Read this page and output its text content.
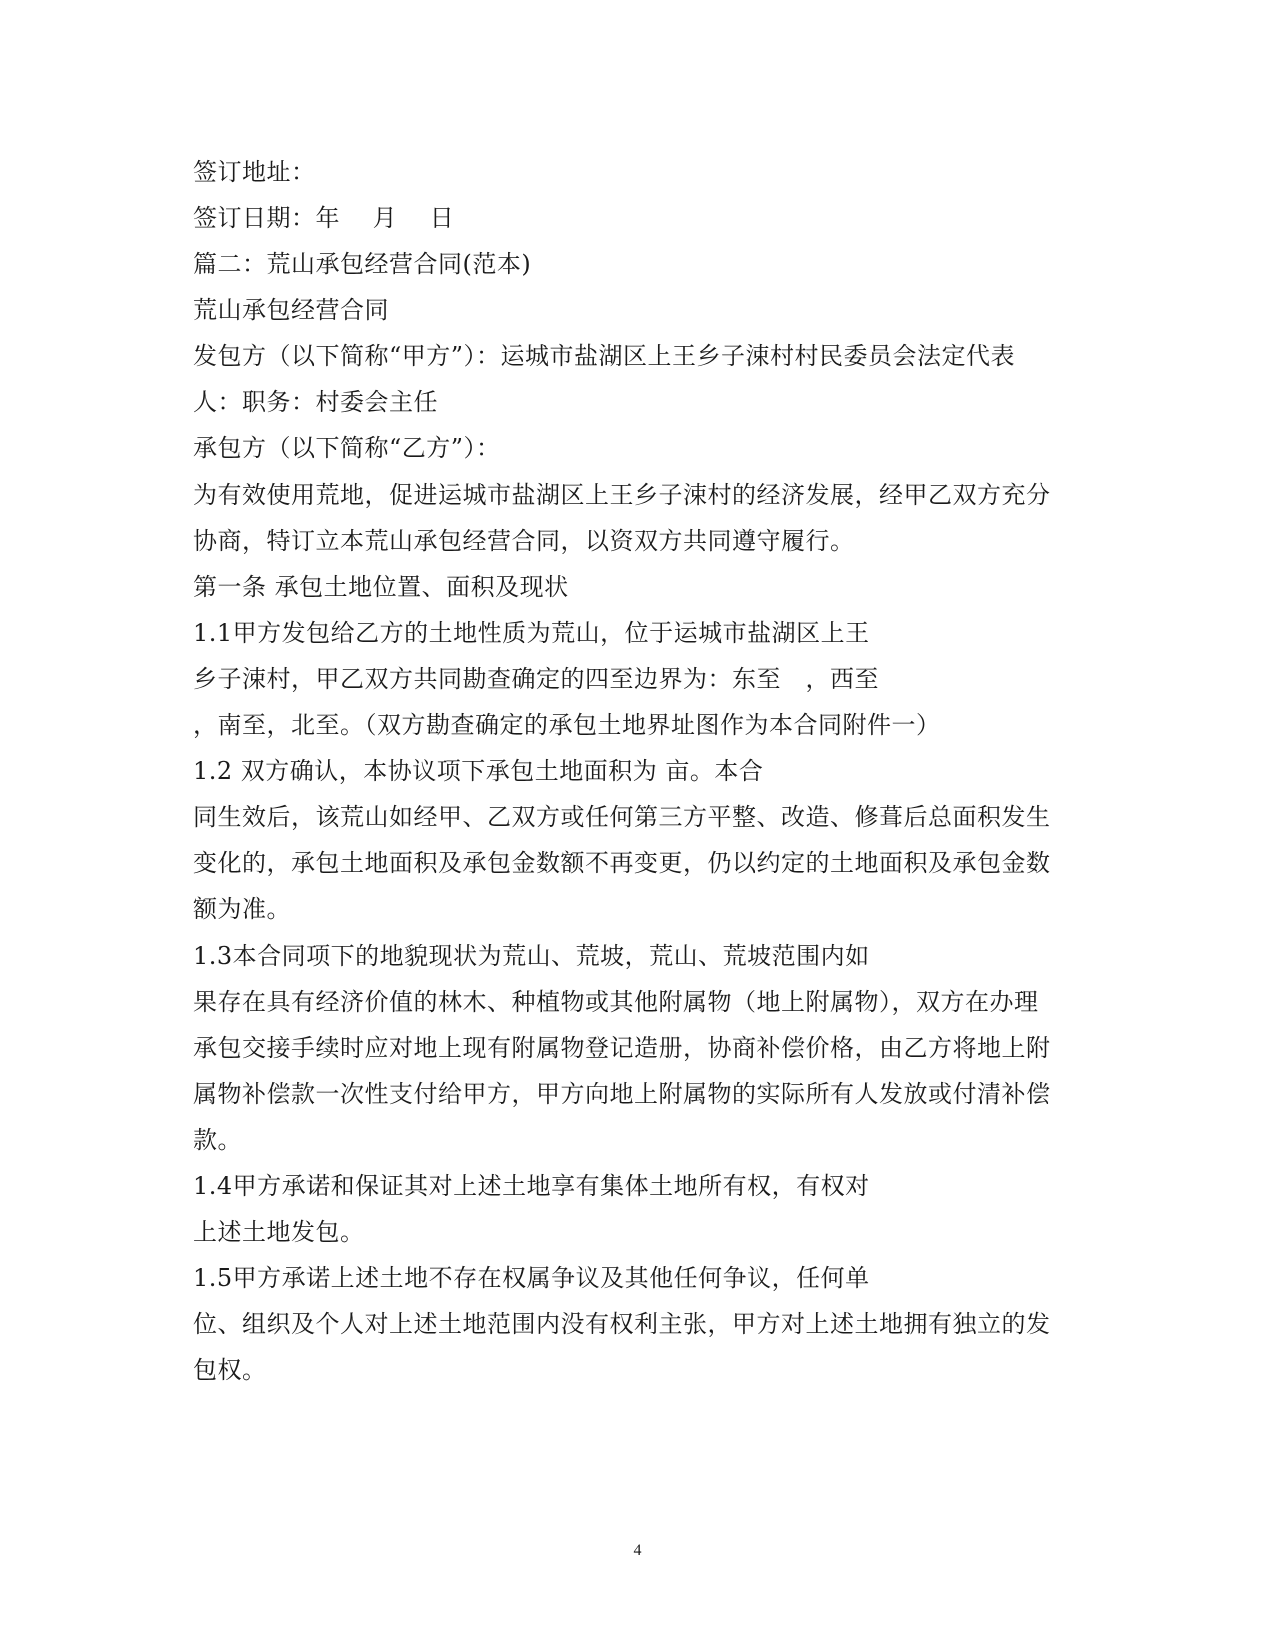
签订地址：
签订日期：年　 月　 日
篇二：荒山承包经营合同(范本)
荒山承包经营合同
发包方（以下简称“甲方”）：运城市盐湖区上王乡子涑村村民委员会法定代表
人：职务：村委会主任
承包方（以下简称“乙方”）：
为有效使用荒地，促进运城市盐湖区上王乡子涑村的经济发展，经甲乙双方充分
协商，特订立本荒山承包经营合同，以资双方共同遵守履行。
第一条 承包土地位置、面积及现状
1.1甲方发包给乙方的土地性质为荒山，位于运城市盐湖区上王
乡子涑村，甲乙双方共同勘查确定的四至边界为：东至　，西至
，南至，北至。（双方勘查确定的承包土地界址图作为本合同附件一）
1.2 双方确认，本协议项下承包土地面积为 亩。本合
同生效后，该荒山如经甲、乙双方或任何第三方平整、改造、修葺后总面积发生
变化的，承包土地面积及承包金数额不再变更，仍以约定的土地面积及承包金数
额为准。
1.3本合同项下的地貌现状为荒山、荒坡，荒山、荒坡范围内如
果存在具有经济价值的林木、种植物或其他附属物（地上附属物），双方在办理
承包交接手续时应对地上现有附属物登记造册，协商补偿价格，由乙方将地上附
属物补偿款一次性支付给甲方，甲方向地上附属物的实际所有人发放或付清补偿
款。
1.4甲方承诺和保证其对上述土地享有集体土地所有权，有权对
上述土地发包。
1.5甲方承诺上述土地不存在权属争议及其他任何争议，任何单
位、组织及个人对上述土地范围内没有权利主张，甲方对上述土地拥有独立的发
包权。
4
